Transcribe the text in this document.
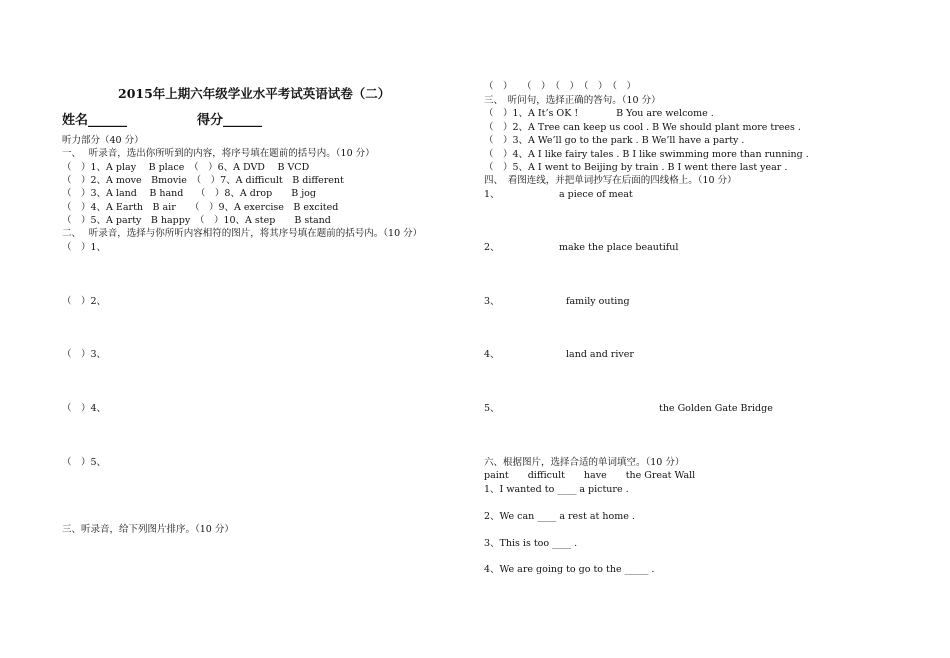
2015年上期六年级学业水平考试英语试卷（二）
姓名______	得分______
听力部分（40 分）
一、　 听录音，选出你所听到的内容，将序号填在题前的括号内。（10 分）
（　）1、A play　 B place　（　）6、A DVD　 B VCD
（　）2、A move　Bmovie　（　）7、A difficult　B different
（　）3、A land　 B hand　 （　）8、A drop　　B jog
（　）4、A Earth　B air　　（　）9、A exercise　B excited
（　）5、A party　B happy　（　）10、A step　　B stand
二、　 听录音，选择与你所听内容相符的图片，将其序号填在题前的括号内。（10 分）
（　）1、
（　）2、
（　）3、
（　）4、
（　）5、
三、听录音，给下列图片排序。（10 分）
（　）　　（　）　（　）　（　）　（　）
三、　听问句，选择正确的答句。（10 分）
（　）1、A It’s OK !　　　　B You are welcome .
（　）2、A Tree can keep us cool . B We should plant more trees .
（　）3、A We’ll go to the park . B We’ll have a party .
（　）4、A I like fairy tales . B I like swimming more than running .
（　）5、A I went to Beijing by train . B I went there last year .
四、　看图连线，并把单词抄写在后面的四线格上。（10 分）
1、	a piece of meat
2、	make the place beautiful
3、	family outing
4、	land and river
5、	the Golden Gate Bridge
六、根据图片，选择合适的单词填空。（10 分）
paint　　difficult　　have　　the Great Wall
1、I wanted to ____ a picture .
2、We can ____ a rest at home .
3、This is too ____ .
4、We are going to go to the _____ .
